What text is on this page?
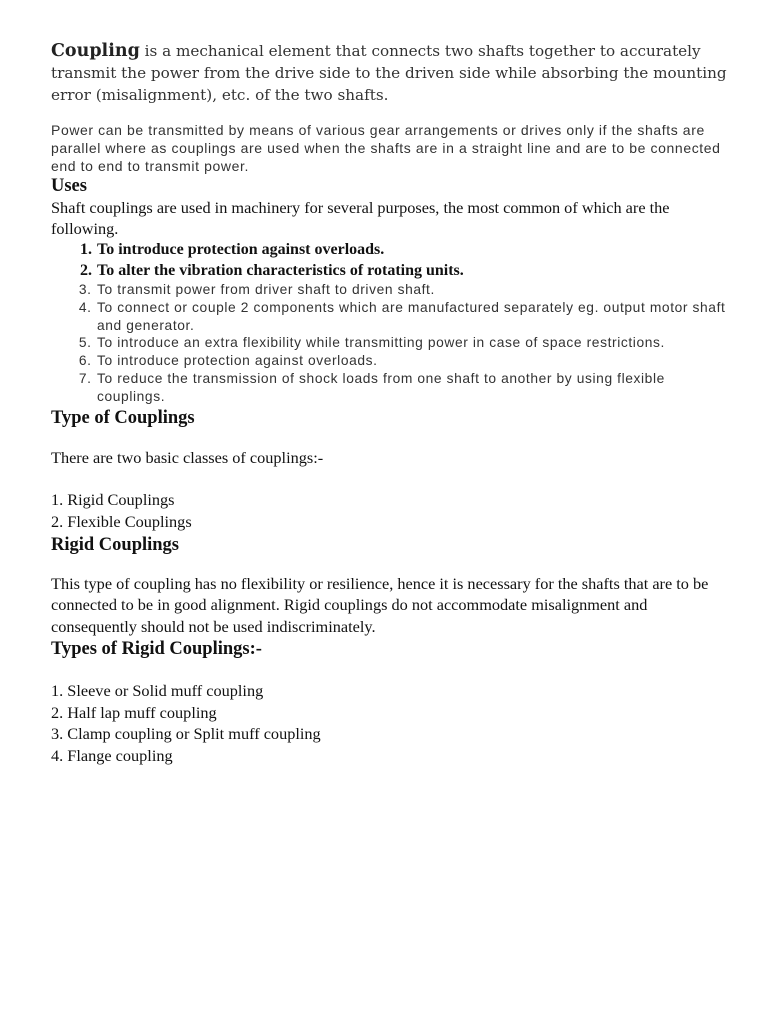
Coupling is a mechanical element that connects two shafts together to accurately transmit the power from the drive side to the driven side while absorbing the mounting error (misalignment), etc. of the two shafts.

Power can be transmitted by means of various gear arrangements or drives only if the shafts are parallel where as couplings are used when the shafts are in a straight line and are to be connected end to end to transmit power.

Uses

Shaft couplings are used in machinery for several purposes, the most common of which are the following.

1. To introduce protection against overloads.
2. To alter the vibration characteristics of rotating units.
3. To transmit power from driver shaft to driven shaft.
4. To connect or couple 2 components which are manufactured separately eg. output motor shaft and generator.
5. To introduce an extra flexibility while transmitting power in case of space restrictions.
6. To introduce protection against overloads.
7. To reduce the transmission of shock loads from one shaft to another by using flexible couplings.
Type of Couplings

There are two basic classes of couplings:-

1. Rigid Couplings
2. Flexible Couplings
Rigid Couplings

This type of coupling has no flexibility or resilience, hence it is necessary for the shafts that are to be connected to be in good alignment. Rigid couplings do not accommodate misalignment and consequently should not be used indiscriminately.

Types of Rigid Couplings:-
1. Sleeve or Solid muff coupling
2. Half lap muff coupling
3. Clamp coupling or Split muff coupling
4. Flange coupling
